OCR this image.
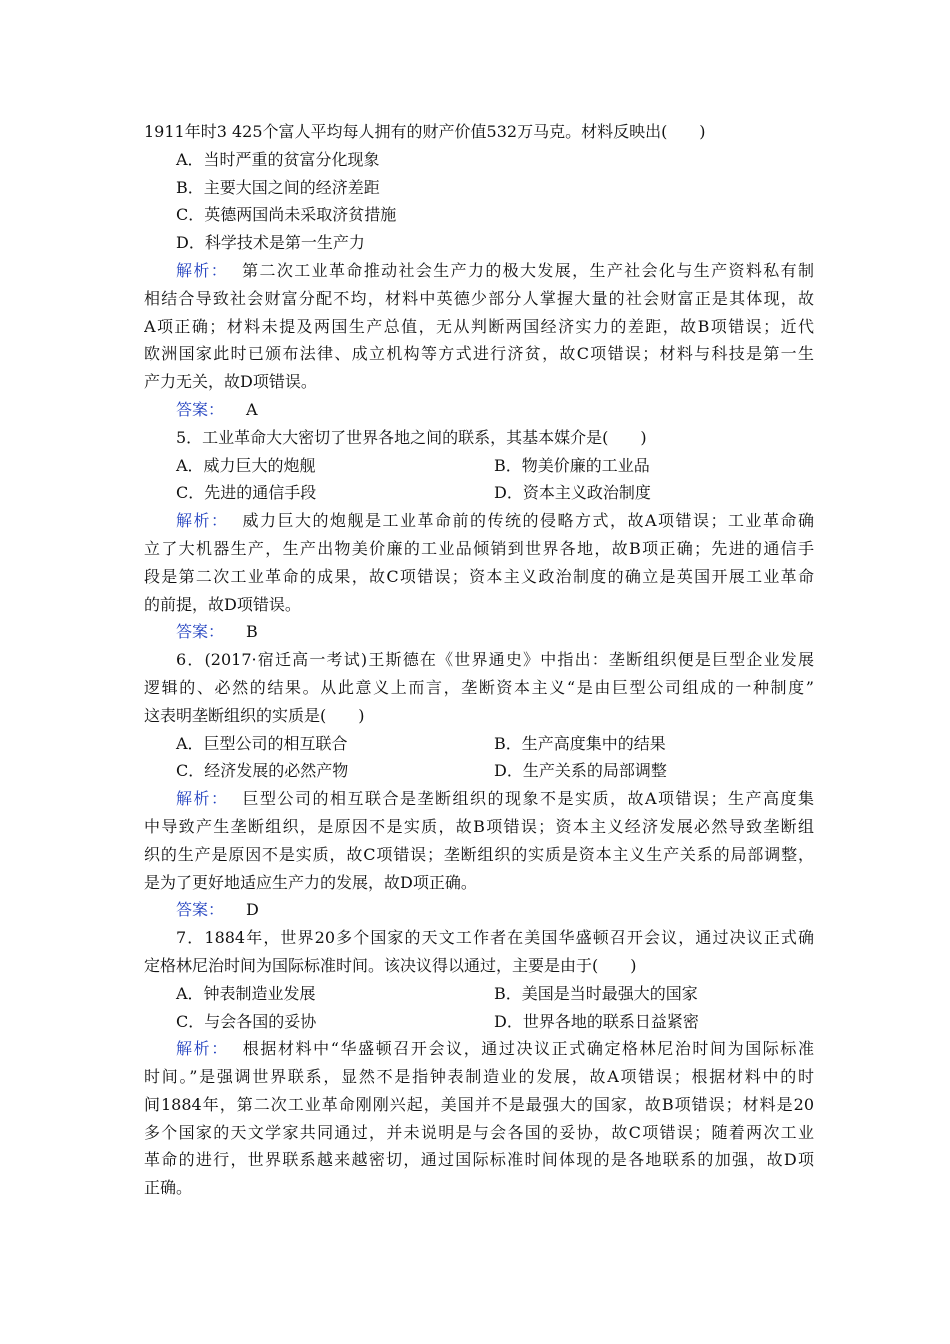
1911年时3 425个富人平均每人拥有的财产价值532万马克。材料反映出(　　)
A．当时严重的贫富分化现象
B．主要大国之间的经济差距
C．英德两国尚未采取济贫措施
D．科学技术是第一生产力
解析： 第二次工业革命推动社会生产力的极大发展，生产社会化与生产资料私有制
相结合导致社会财富分配不均，材料中英德少部分人掌握大量的社会财富正是其体现，故
A项正确；材料未提及两国生产总值，无从判断两国经济实力的差距，故B项错误；近代
欧洲国家此时已颁布法律、成立机构等方式进行济贫，故C项错误；材料与科技是第一生
产力无关，故D项错误。
答案： A
5．工业革命大大密切了世界各地之间的联系，其基本媒介是(　　)
A．威力巨大的炮舰	B．物美价廉的工业品
C．先进的通信手段	D．资本主义政治制度
解析： 威力巨大的炮舰是工业革命前的传统的侵略方式，故A项错误；工业革命确
立了大机器生产，生产出物美价廉的工业品倾销到世界各地，故B项正确；先进的通信手
段是第二次工业革命的成果，故C项错误；资本主义政治制度的确立是英国开展工业革命
的前提，故D项错误。
答案： B
6．(2017·宿迁高一考试)王斯德在《世界通史》中指出：垄断组织便是巨型企业发展
逻辑的、必然的结果。从此意义上而言，垄断资本主义“是由巨型公司组成的一种制度”
这表明垄断组织的实质是(　　)
A．巨型公司的相互联合	B．生产高度集中的结果
C．经济发展的必然产物	D．生产关系的局部调整
解析： 巨型公司的相互联合是垄断组织的现象不是实质，故A项错误；生产高度集
中导致产生垄断组织，是原因不是实质，故B项错误；资本主义经济发展必然导致垄断组
织的生产是原因不是实质，故C项错误；垄断组织的实质是资本主义生产关系的局部调整，
是为了更好地适应生产力的发展，故D项正确。
答案： D
7．1884年，世界20多个国家的天文工作者在美国华盛顿召开会议，通过决议正式确
定格林尼治时间为国际标准时间。该决议得以通过，主要是由于(　　)
A．钟表制造业发展	B．美国是当时最强大的国家
C．与会各国的妥协	D．世界各地的联系日益紧密
解析： 根据材料中“华盛顿召开会议，通过决议正式确定格林尼治时间为国际标准
时间。”是强调世界联系，显然不是指钟表制造业的发展，故A项错误；根据材料中的时
间1884年，第二次工业革命刚刚兴起，美国并不是最强大的国家，故B项错误；材料是20
多个国家的天文学家共同通过，并未说明是与会各国的妥协，故C项错误；随着两次工业
革命的进行，世界联系越来越密切，通过国际标准时间体现的是各地联系的加强，故D项
正确。
